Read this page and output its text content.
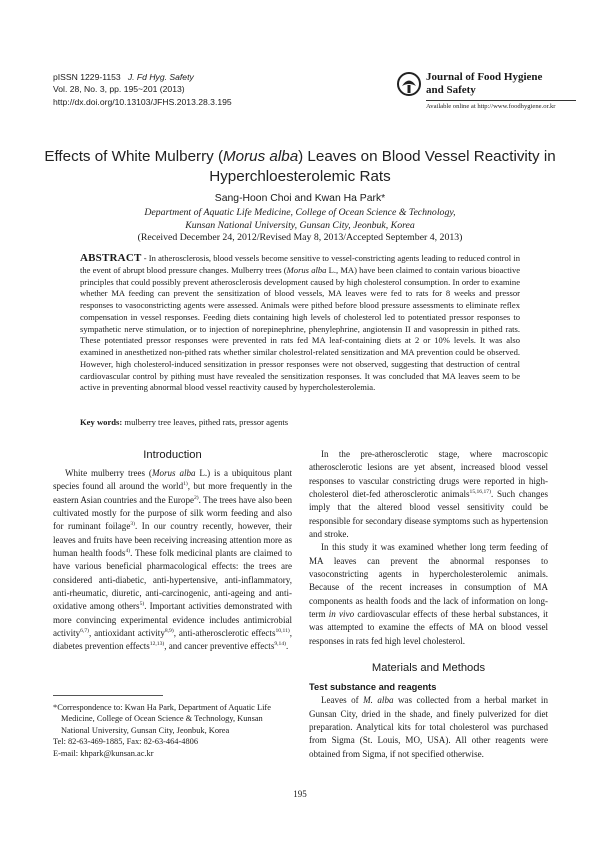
pISSN 1229-1153 J. Fd Hyg. Safety
Vol. 28, No. 3, pp. 195~201 (2013)
http://dx.doi.org/10.13103/JFHS.2013.28.3.195
Journal of Food Hygiene
and Safety
Available online at http://www.foodhygiene.or.kr
Effects of White Mulberry (Morus alba) Leaves on Blood Vessel Reactivity in
Hyperchloesterolemic Rats
Sang-Hoon Choi and Kwan Ha Park*
Department of Aquatic Life Medicine, College of Ocean Science & Technology,
Kunsan National University, Gunsan City, Jeonbuk, Korea
(Received December 24, 2012/Revised May 8, 2013/Accepted September 4, 2013)
ABSTRACT - In atherosclerosis, blood vessels become sensitive to vessel-constricting agents leading to reduced control in the event of abrupt blood pressure changes. Mulberry trees (Morus alba L., MA) have been claimed to contain various bioactive principles that could possibly prevent atherosclerosis development caused by high cholesterol consumption. In order to examine whether MA feeding can prevent the sensitization of blood vessels, MA leaves were fed to rats for 8 weeks and pressor responses to vasoconstricting agents were assessed. Animals were pithed before blood pressure assessments to eliminate reflex compensation in vessel responses. Feeding diets containing high levels of cholesterol led to potentiated pressor responses to sympathetic nerve stimulation, or to injection of norepinephrine, phenylephrine, angiotensin II and vasopressin in pithed rats. These potentiated pressor responses were prevented in rats fed MA leaf-containing diets at 2 or 10% levels. It was also examined in anesthetized non-pithed rats whether similar cholestrol-related sensitization and MA prevention could be observed. However, high cholesterol-induced sensitization in pressor responses were not observed, suggesting that destruction of central cardiovascular control by pithing must have revealed the sensitization responses. It was concluded that MA leaves seem to be active in preventing abnormal blood vessel reactivity caused by hypercholesterolemia.
Key words: mulberry tree leaves, pithed rats, pressor agents

Introduction

White mulberry trees (Morus alba L.) is a ubiquitous plant species found all around the world$^{1)}$, but more frequently in the eastern Asian countries and the Europe$^{2)}$. The trees have also been cultivated mostly for the purpose of silk worm feeding and also for ruminant foilage$^{3)}$. In our country recently, however, their leaves and fruits have been receiving increasing attention more as human health foods$^{4)}$. These folk medicinal plants are claimed to have various beneficial pharmacological effects: the trees are considered anti-diabetic, anti-hypertensive, anti-inflammatory, anti-rheumatic, diuretic, anti-carcinogenic, anti-ageing and anti-oxidative among others$^{5)}$. Important activities demonstrated with more convincing experimental evidence includes antimicrobial activity$^{6,7)}$, antioxidant activity$^{8,9)}$, anti-atherosclerotic effects$^{10,11)}$, diabetes prevention effects$^{12,13)}$, and cancer preventive effects$^{9,14)}$.

In the pre-atherosclerotic stage, where macroscopic atherosclerotic lesions are yet absent, increased blood vessel responses to vascular constricting drugs were reported in high-cholesterol diet-fed atherosclerotic animals$^{15,16,17)}$. Such changes imply that the altered blood vessel sensitivity could be responsible for secondary disease symptoms such as hypertension and stroke.

In this study it was examined whether long term feeding of MA leaves can prevent the abnormal responses to vasoconstricting agents in hypercholesterolemic animals. Because of the recent increases in consumption of MA components as health foods and the lack of information on long-term in vivo cardiovascular effects of these herbal substances, it was attempted to examine the effects of MA on blood vessel responses in rats fed high level cholesterol.

Materials and Methods

Test substance and reagents

Leaves of M. alba was collected from a herbal market in Gunsan City, dried in the shade, and finely pulverized for diet preparation. Analytical kits for total cholesterol was purchased from Sigma (St. Louis, MO, USA). All other reagents were obtained from Sigma, if not specified otherwise.

*Correspondence to: Kwan Ha Park, Department of Aquatic Life
Medicine, College of Ocean Science & Technology, Kunsan
National University, Gunsan City, Jeonbuk, Korea
Tel: 82-63-469-1885, Fax: 82-63-464-4806
E-mail: khpark@kunsan.ac.kr
195
